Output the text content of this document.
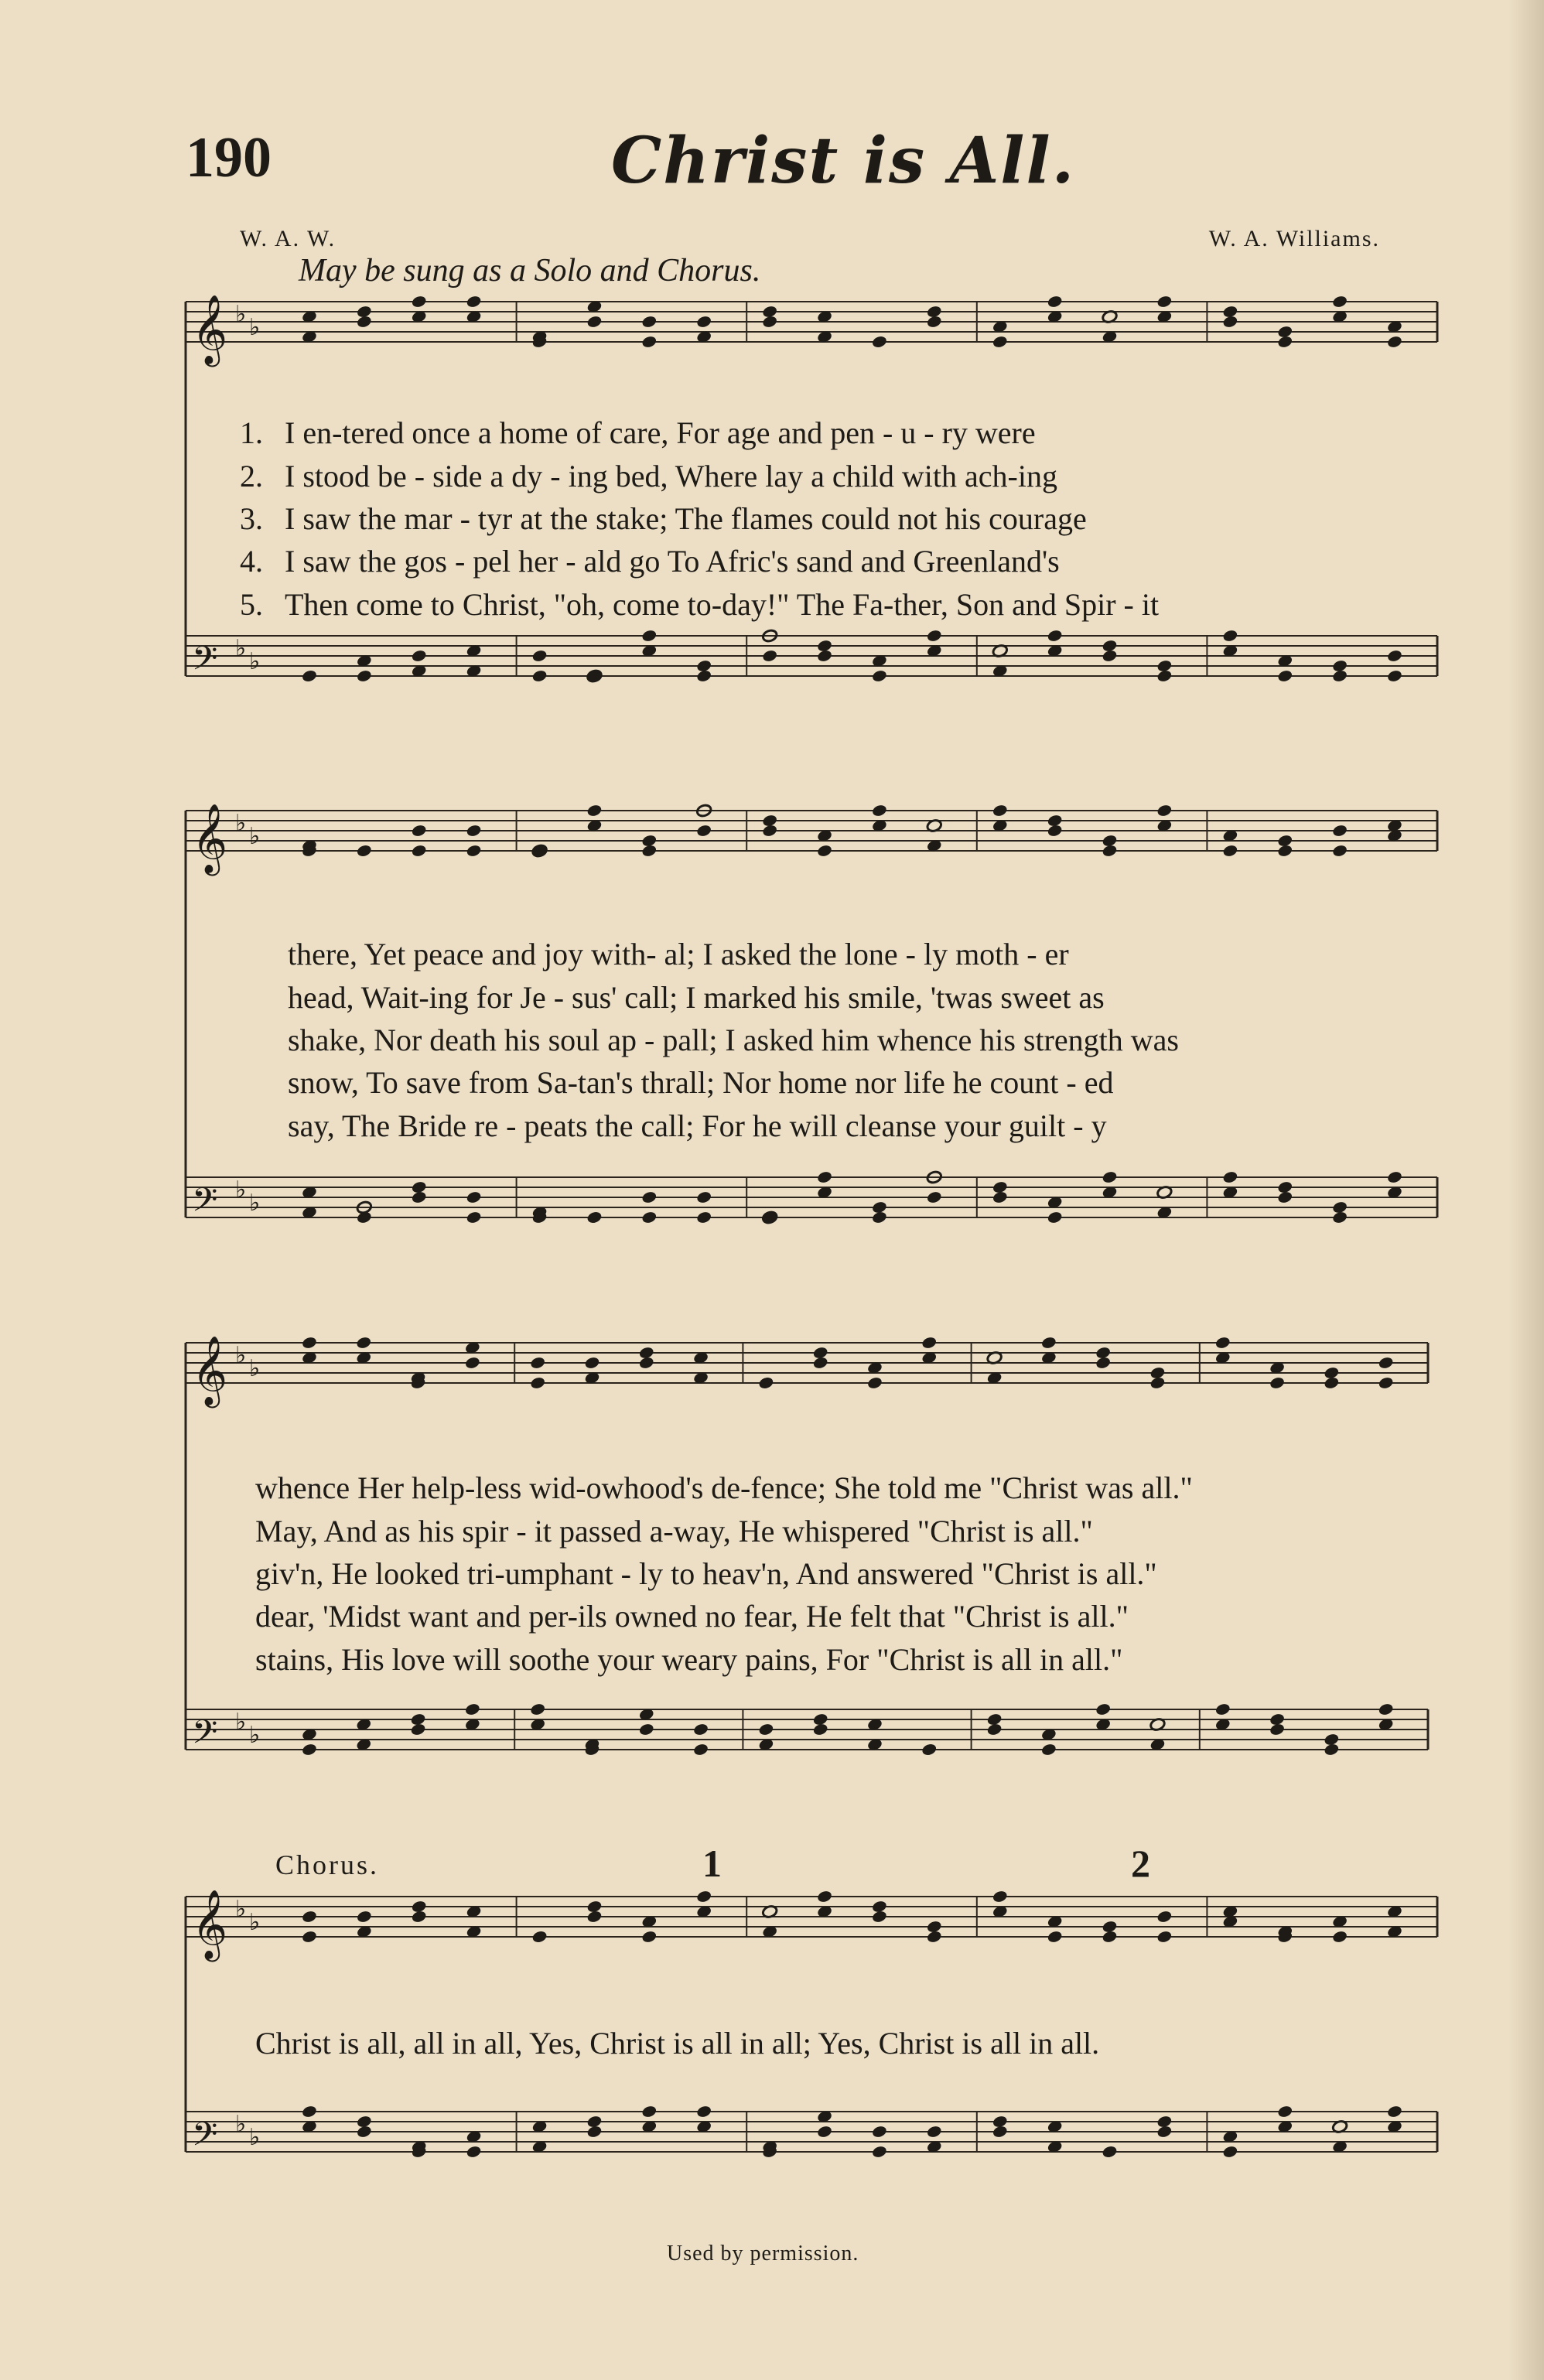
𝄞 ♭ ♭
𝄢 ♭ ♭
𝄞 ♭ ♭
𝄢 ♭ ♭
𝄞 ♭ ♭
𝄢 ♭ ♭
𝄞 ♭ ♭
𝄢 ♭ ♭
190	Christ is All.
W. A. W.	W. A. Williams.
May be sung as a Solo and Chorus.
1.
2.
3.
4.
5.
I en-tered once a home of care, For age and pen - u - ry were
I stood be - side a dy - ing bed, Where lay a child with ach-ing
I saw the mar - tyr at the stake; The flames could not his courage
I saw the gos - pel her - ald go To Afric's sand and Greenland's
Then come to Christ, "oh, come to-day!" The Fa-ther, Son and Spir - it
there, Yet peace and joy with- al; I asked the lone - ly moth - er
head, Wait-ing for Je - sus' call; I marked his smile, 'twas sweet as
shake, Nor death his soul ap - pall; I asked him whence his strength was
snow, To save from Sa-tan's thrall; Nor home nor life he count - ed
say, The Bride re - peats the call; For he will cleanse your guilt - y
whence Her help-less wid-owhood's de-fence; She told me "Christ was all."
May, And as his spir - it passed a-way, He whispered "Christ is all."
giv'n, He looked tri-umphant - ly to heav'n, And answered "Christ is all."
dear, 'Midst want and per-ils owned no fear, He felt that "Christ is all."
stains, His love will soothe your weary pains, For "Christ is all in all."
Chorus.	1	2
Christ is all, all in all, Yes, Christ is all in all; Yes, Christ is all in all.
Used by permission.
